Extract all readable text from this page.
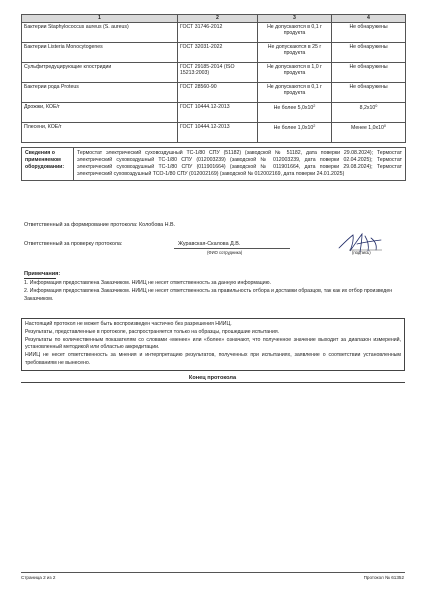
1	2	3	4
Бактерии Staphylococcus aureus (S. aureus)	ГОСТ 31746-2012	Не допускаются в 0,1 г продукта	Не обнаружены
Бактерии Listeria Monocytogenes	ГОСТ 32031-2022	Не допускаются в 25 г продукта	Не обнаружены
Сульфитредуцирующие клостридии	ГОСТ 29185-2014 (ISO 15213:2003)	Не допускаются в 1,0 г продукта	Не обнаружены
Бактерии рода Proteus	ГОСТ 28560-90	Не допускаются в 0,1 г продукта	Не обнаружены
Дрожжи, КОЕ/г	ГОСТ 10444.12-2013	Не более $5,0x10^2$	$8,2x10^0$
Плесени, КОЕ/г	ГОСТ 10444.12-2013	Не более $1,0x10^2$	Менее $1,0x10^0$
Сведения о применяемом оборудовании:	Термостат электрический суховоздушный ТС-1/80 СПУ (51182) (заводской № 51182, дата поверки 29.08.2024); Термостат электрический суховоздушный ТС-1/80 СПУ (012003239) (заводской № 012003239, дата поверки 02.04.2025); Термостат электрический суховоздушный ТС-1/80 СПУ (011901664) (заводской № 011901664, дата поверки 29.08.2024); Термостат электрический суховоздушный ТСО-1/80 СПУ (012002169) (заводской № 012002169, дата поверки 24.01.2025)
Ответственный за формирование протокола: Колобова Н.В.
Ответственный за проверку протокола:	Журавская-Скалова Д.В.
(ФИО сотрудника)	(подпись)
Примечания:
1. Информация предоставлена Заказчиком. НИИЦ не несет ответственность за данную информацию.
2. Информация предоставлена Заказчиком. НИИЦ не несет ответственность за правильность отбора и доставки образцов, так как их отбор произведен Заказчиком.
Настоящий протокол не может быть воспроизведен частично без разрешения НИИЦ.
Результаты, представленные в протоколе, распространяется только на образцы, прошедшие испытания.
Результаты по количественным показателям со словами «менее» или «более» означают, что полученное значение выходит за диапазон измерений, установленный методикой или областью аккредитации.
НИИЦ не несет ответственность за мнения и интерпретацию результатов, полученных при испытаниях, заявление о соответствии установленным требованиям не вынесено.
Конец протокола
Страница 2 из 2	Протокол № 61352
